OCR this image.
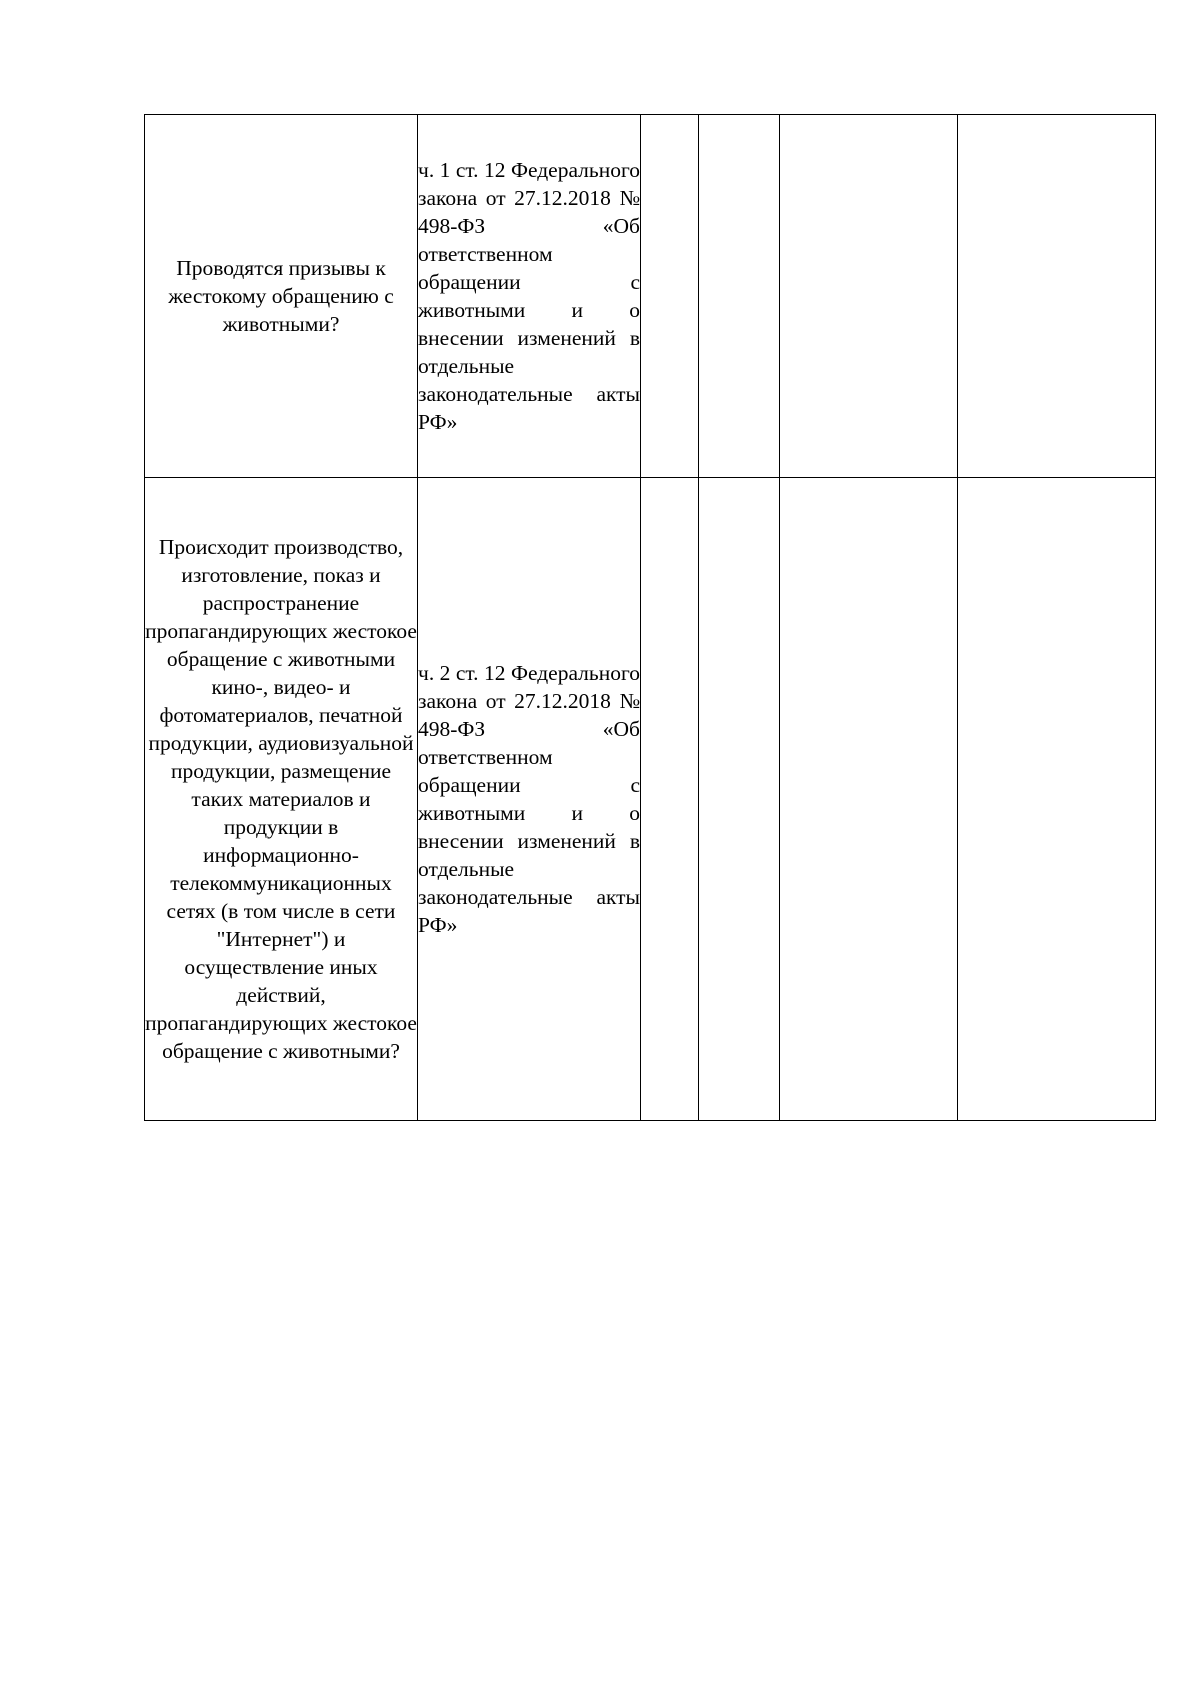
Проводятся призывы к жестокому обращению с животными?	ч. 1 ст. 12 Федерального закона от 27.12.2018 № 498-ФЗ «Об ответственном обращении с животными и о внесении изменений в отдельные законодательные акты РФ»				

Происходит производство, изготовление, показ и распространение пропагандирующих жестокое обращение с животными кино-, видео- и фотоматериалов, печатной продукции, аудиовизуальной продукции, размещение таких материалов и продукции в информационно-телекоммуникационных сетях (в том числе в сети "Интернет") и осуществление иных действий, пропагандирующих жестокое обращение с животными?	ч. 2 ст. 12 Федерального закона от 27.12.2018 № 498-ФЗ «Об ответственном обращении с животными и о внесении изменений в отдельные законодательные акты РФ»				
